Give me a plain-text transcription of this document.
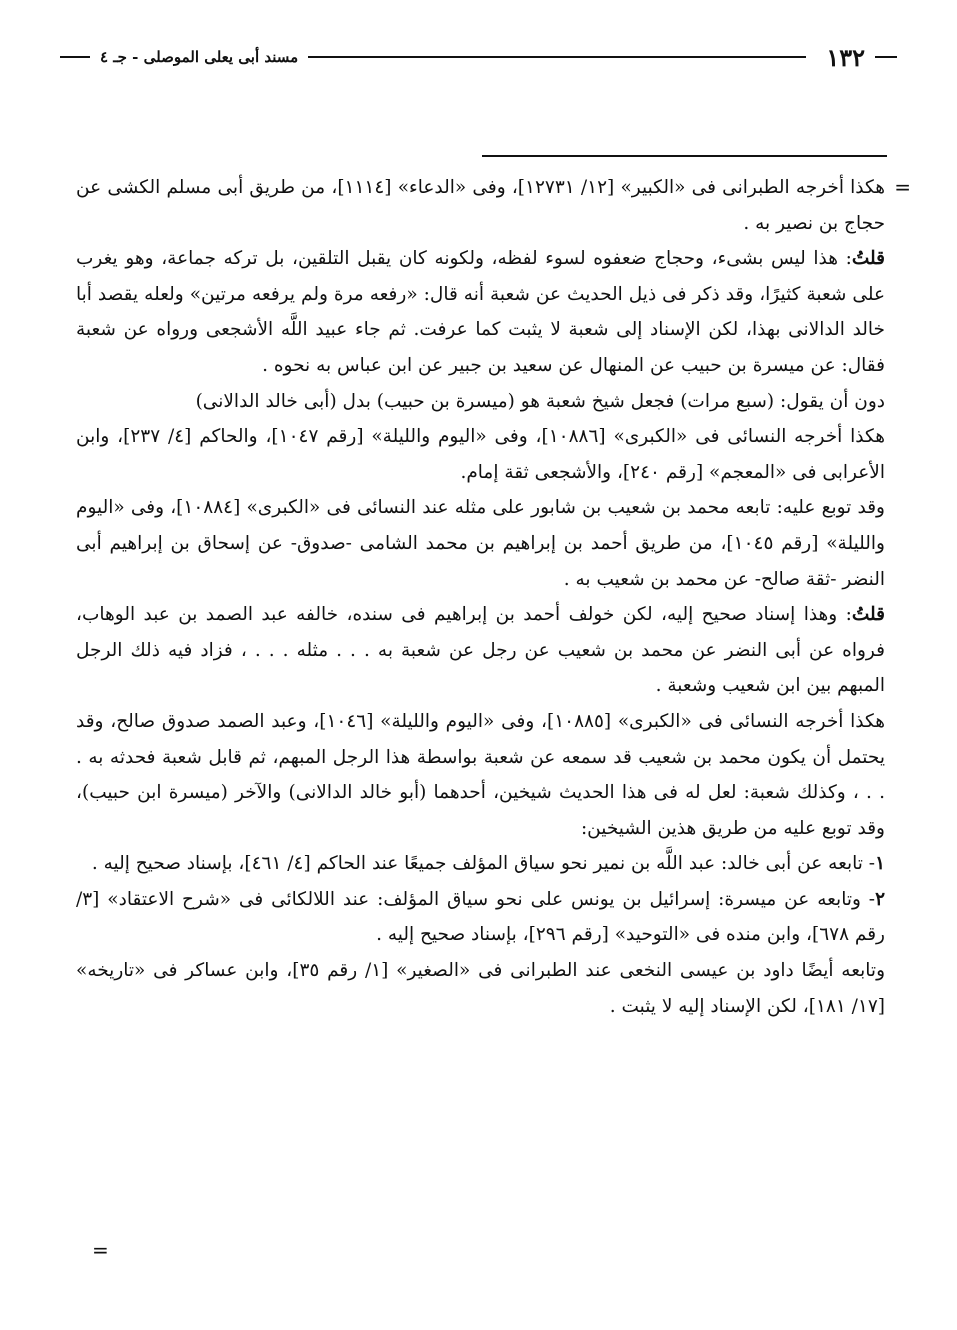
١٣٢
مسند أبى يعلى الموصلى - جـ ٤
=

هكذا أخرجه الطبرانى فى «الكبير» [١٢/ ١٢٧٣١]، وفى «الدعاء» [١١١٤]، من طريق أبى مسلم الكشى عن حجاج بن نصير به .

قلتُ: هذا ليس بشىء، وحجاج ضعفوه لسوء لفظه، ولكونه كان يقبل التلقين، بل تركه جماعة، وهو يغرب على شعبة كثيرًا، وقد ذكر فى ذيل الحديث عن شعبة أنه قال: «رفعه مرة ولم يرفعه مرتين» ولعله يقصد أبا خالد الدالانى بهذا، لكن الإسناد إلى شعبة لا يثبت كما عرفت. ثم جاء عبيد اللَّه الأشجعى ورواه عن شعبة فقال: عن ميسرة بن حبيب عن المنهال عن سعيد بن جبير عن ابن عباس به نحوه .

دون أن يقول: (سبع مرات) فجعل شيخ شعبة هو (ميسرة بن حبيب) بدل (أبى خالد الدالانى)

هكذا أخرجه النسائى فى «الكبرى» [١٠٨٨٦]، وفى «اليوم والليلة» [رقم ١٠٤٧]، والحاكم [٤/ ٢٣٧]، وابن الأعرابى فى «المعجم» [رقم ٢٤٠]، والأشجعى ثقة إمام.

وقد توبع عليه: تابعه محمد بن شعيب بن شابور على مثله عند النسائى فى «الكبرى» [١٠٨٨٤]، وفى «اليوم والليلة» [رقم ١٠٤٥]، من طريق أحمد بن إبراهيم بن محمد الشامى -صدوق- عن إسحاق بن إبراهيم أبى النضر -ثقة صالح- عن محمد بن شعيب به .

قلتُ: وهذا إسناد صحيح إليه، لكن خولف أحمد بن إبراهيم فى سنده، خالفه عبد الصمد بن عبد الوهاب، فرواه عن أبى النضر عن محمد بن شعيب عن رجل عن شعبة به . . . مثله . . . ، فزاد فيه ذلك الرجل المبهم بين ابن شعيب وشعبة .

هكذا أخرجه النسائى فى «الكبرى» [١٠٨٨٥]، وفى «اليوم والليلة» [١٠٤٦]، وعبد الصمد صدوق صالح، وقد يحتمل أن يكون محمد بن شعيب قد سمعه عن شعبة بواسطة هذا الرجل المبهم، ثم قابل شعبة فحدثه به . . . ، وكذلك شعبة: لعل له فى هذا الحديث شيخين، أحدهما (أبو خالد الدالانى) والآخر (ميسرة ابن حبيب)، وقد توبع عليه من طريق هذين الشيخين:

١- تابعه عن أبى خالد: عبد اللَّه بن نمير نحو سياق المؤلف جميعًا عند الحاكم [٤/ ٤٦١]، بإسناد صحيح إليه .

٢- وتابعه عن ميسرة: إسرائيل بن يونس على نحو سياق المؤلف: عند اللالكائى فى «شرح الاعتقاد» [٣/ رقم ٦٧٨]، وابن منده فى «التوحيد» [رقم ٢٩٦]، بإسناد صحيح إليه .

وتابعه أيضًا داود بن عيسى النخعى عند الطبرانى فى «الصغير» [١/ رقم ٣٥]، وابن عساكر فى «تاريخه» [١٧/ ١٨١]، لكن الإسناد إليه لا يثبت .

=
